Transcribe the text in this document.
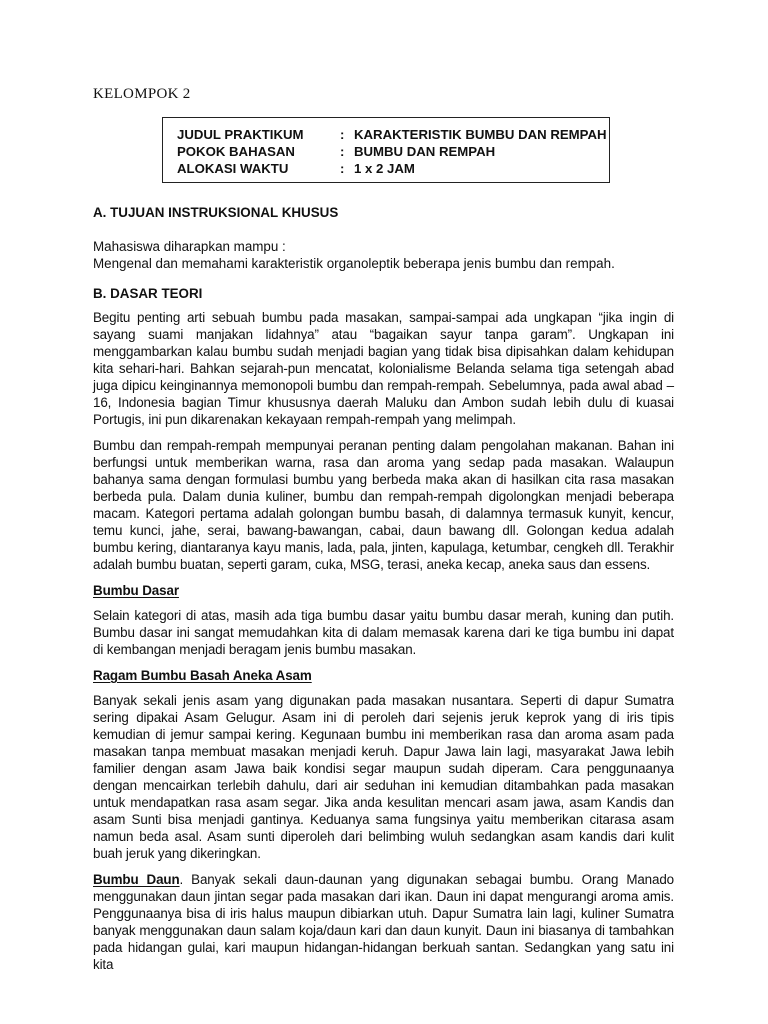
KELOMPOK 2
JUDUL PRAKTIKUM	: KARAKTERISTIK BUMBU DAN REMPAH
POKOK BAHASAN	: BUMBU DAN REMPAH
ALOKASI WAKTU	: 1 x 2 JAM
A. TUJUAN INSTRUKSIONAL KHUSUS
Mahasiswa diharapkan mampu :
Mengenal dan memahami karakteristik organoleptik beberapa jenis bumbu dan rempah.
B. DASAR TEORI

Begitu penting arti sebuah bumbu pada masakan, sampai-sampai ada ungkapan “jika ingin di sayang suami manjakan lidahnya” atau “bagaikan sayur tanpa garam”. Ungkapan ini menggambarkan kalau bumbu sudah menjadi bagian yang tidak bisa dipisahkan dalam kehidupan kita sehari-hari. Bahkan sejarah-pun mencatat, kolonialisme Belanda selama tiga setengah abad juga dipicu keinginannya memonopoli bumbu dan rempah-rempah. Sebelumnya, pada awal abad –16, Indonesia bagian Timur khususnya daerah Maluku dan Ambon sudah lebih dulu di kuasai Portugis, ini pun dikarenakan kekayaan rempah-rempah yang melimpah.

Bumbu dan rempah-rempah mempunyai peranan penting dalam pengolahan makanan. Bahan ini berfungsi untuk memberikan warna, rasa dan aroma yang sedap pada masakan. Walaupun bahanya sama dengan formulasi bumbu yang berbeda maka akan di hasilkan cita rasa masakan berbeda pula. Dalam dunia kuliner, bumbu dan rempah-rempah digolongkan menjadi beberapa macam. Kategori pertama adalah golongan bumbu basah, di dalamnya termasuk kunyit, kencur, temu kunci, jahe, serai, bawang-bawangan, cabai, daun bawang dll. Golongan kedua adalah bumbu kering, diantaranya kayu manis, lada, pala, jinten, kapulaga, ketumbar, cengkeh dll. Terakhir adalah bumbu buatan, seperti garam, cuka, MSG, terasi, aneka kecap, aneka saus dan essens.

Bumbu Dasar

Selain kategori di atas, masih ada tiga bumbu dasar yaitu bumbu dasar merah, kuning dan putih. Bumbu dasar ini sangat memudahkan kita di dalam memasak karena dari ke tiga bumbu ini dapat di kembangan menjadi beragam jenis bumbu masakan.

Ragam Bumbu Basah Aneka Asam

Banyak sekali jenis asam yang digunakan pada masakan nusantara. Seperti di dapur Sumatra sering dipakai Asam Gelugur. Asam ini di peroleh dari sejenis jeruk keprok yang di iris tipis kemudian di jemur sampai kering. Kegunaan bumbu ini memberikan rasa dan aroma asam pada masakan tanpa membuat masakan menjadi keruh. Dapur Jawa lain lagi, masyarakat Jawa lebih familier dengan asam Jawa baik kondisi segar maupun sudah diperam. Cara penggunaanya dengan mencairkan terlebih dahulu, dari air seduhan ini kemudian ditambahkan pada masakan untuk mendapatkan rasa asam segar. Jika anda kesulitan mencari asam jawa, asam Kandis dan asam Sunti bisa menjadi gantinya. Keduanya sama fungsinya yaitu memberikan citarasa asam namun beda asal. Asam sunti diperoleh dari belimbing wuluh sedangkan asam kandis dari kulit buah jeruk yang dikeringkan.

Bumbu Daun. Banyak sekali daun-daunan yang digunakan sebagai bumbu. Orang Manado menggunakan daun jintan segar pada masakan dari ikan. Daun ini dapat mengurangi aroma amis. Penggunaanya bisa di iris halus maupun dibiarkan utuh. Dapur Sumatra lain lagi, kuliner Sumatra banyak menggunakan daun salam koja/daun kari dan daun kunyit. Daun ini biasanya di tambahkan pada hidangan gulai, kari maupun hidangan-hidangan berkuah santan. Sedangkan yang satu ini kita
